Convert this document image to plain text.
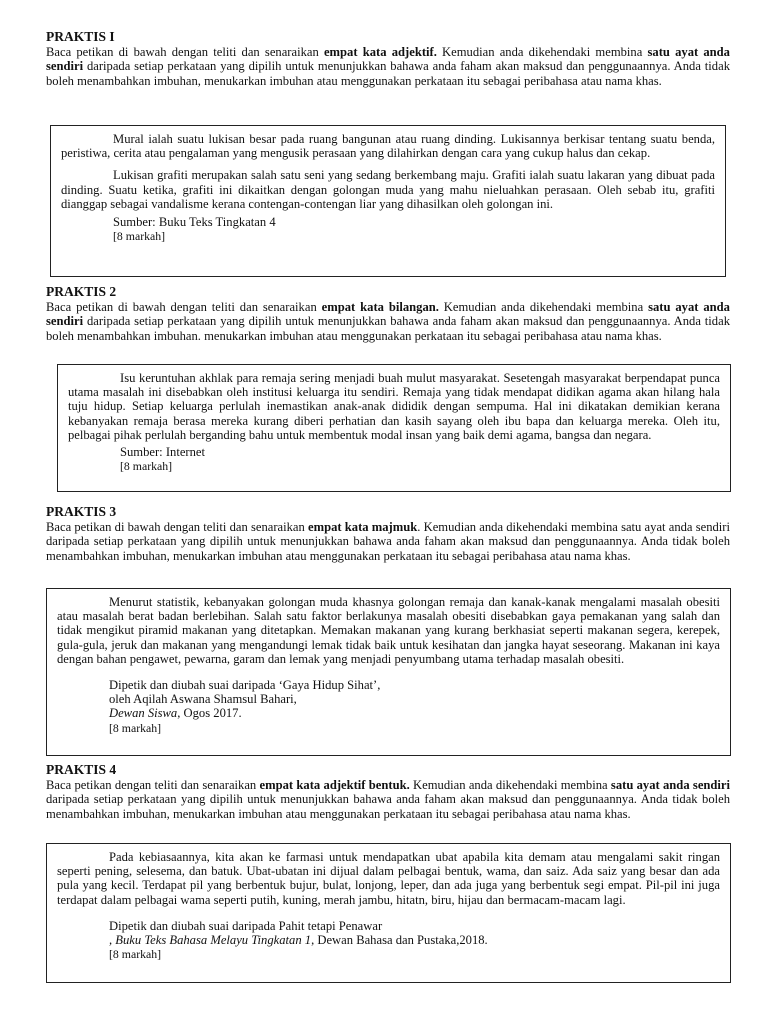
PRAKTIS I

Baca petikan di bawah dengan teliti dan senaraikan empat kata adjektif. Kemudian anda dikehendaki membina satu ayat anda sendiri daripada setiap perkataan yang dipilih untuk menunjukkan bahawa anda faham akan maksud dan penggunaannya. Anda tidak boleh menambahkan imbuhan, menukarkan imbuhan atau menggunakan perkataan itu sebagai peribahasa atau nama khas.

Mural ialah suatu lukisan besar pada ruang bangunan atau ruang dinding. Lukisannya berkisar tentang suatu benda, peristiwa, cerita atau pengalaman yang mengusik perasaan yang dilahirkan dengan cara yang cukup halus dan cekap.

Lukisan grafiti merupakan salah satu seni yang sedang berkembang maju. Grafiti ialah suatu lakaran yang dibuat pada dinding. Suatu ketika, grafiti ini dikaitkan dengan golongan muda yang mahu nieluahkan perasaan. Oleh sebab itu, grafiti dianggap sebagai vandalisme kerana contengan-contengan liar yang dihasilkan oleh golongan ini.

Sumber: Buku Teks Tingkatan 4

[8 markah]

PRAKTIS 2

Baca petikan di bawah dengan teliti dan senaraikan empat kata bilangan. Kemudian anda dikehendaki membina satu ayat anda sendiri daripada setiap perkataan yang dipilih untuk menunjukkan bahawa anda faham akan maksud dan penggunaannya. Anda tidak boleh menambahkan imbuhan. menukarkan imbuhan atau menggunakan perkataan itu sebagai peribahasa atau nama khas.

Isu keruntuhan akhlak para remaja sering menjadi buah mulut masyarakat. Sesetengah masyarakat berpendapat punca utama masalah ini disebabkan oleh institusi keluarga itu sendiri. Remaja yang tidak mendapat didikan agama akan hilang hala tuju hidup. Setiap keluarga perlulah inemastikan anak-anak dididik dengan sempuma. Hal ini dikatakan demikian kerana kebanyakan remaja berasa mereka kurang diberi perhatian dan kasih sayang oleh ibu bapa dan keluarga mereka. Oleh itu, pelbagai pihak perlulah berganding bahu untuk membentuk modal insan yang baik demi agama, bangsa dan negara.

Sumber: Internet

[8 markah]

PRAKTIS 3

Baca petikan di bawah dengan teliti dan senaraikan empat kata majmuk. Kemudian anda dikehendaki membina satu ayat anda sendiri daripada setiap perkataan yang dipilih untuk menunjukkan bahawa anda faham akan maksud dan penggunaannya. Anda tidak boleh menambahkan imbuhan, menukarkan imbuhan atau menggunakan perkataan itu sebagai peribahasa atau nama khas.

Menurut statistik, kebanyakan golongan muda khasnya golongan remaja dan kanak-kanak mengalami masalah obesiti atau masalah berat badan berlebihan. Salah satu faktor berlakunya masalah obesiti disebabkan gaya pemakanan yang salah dan tidak mengikut piramid makanan yang ditetapkan. Memakan makanan yang kurang berkhasiat seperti makanan segera, kerepek, gula-gula, jeruk dan makanan yang mengandungi lemak tidak baik untuk kesihatan dan jangka hayat seseorang. Makanan ini kaya dengan bahan pengawet, pewarna, garam dan lemak yang menjadi penyumbang utama terhadap masalah obesiti.

Dipetik dan diubah suai daripada ‘Gaya Hidup Sihat’,

oleh Aqilah Aswana Shamsul Bahari,

Dewan Siswa, Ogos 2017.

[8 markah]

PRAKTIS 4

Baca petikan dengan teliti dan senaraikan empat kata adjektif bentuk. Kemudian anda dikehendaki membina satu ayat anda sendiri daripada setiap perkataan yang dipilih untuk menunjukkan bahawa anda faham akan maksud dan penggunaannya. Anda tidak boleh menambahkan imbuhan, menukarkan imbuhan atau menggunakan perkataan itu sebagai peribahasa atau nama khas.

Pada kebiasaannya, kita akan ke farmasi untuk mendapatkan ubat apabila kita demam atau mengalami sakit ringan seperti pening, selesema, dan batuk. Ubat-ubatan ini dijual dalam pelbagai bentuk, wama, dan saiz. Ada saiz yang besar dan ada pula yang kecil. Terdapat pil yang berbentuk bujur, bulat, lonjong, leper, dan ada juga yang berbentuk segi empat. Pil-pil ini juga terdapat dalam pelbagai wama seperti putih, kuning, merah jambu, hitatn, biru, hijau dan bermacam-macam lagi.

Dipetik dan diubah suai daripada Pahit tetapi Penawar

, Buku Teks Bahasa Melayu Tingkatan 1, Dewan Bahasa dan Pustaka,2018.

[8 markah]
